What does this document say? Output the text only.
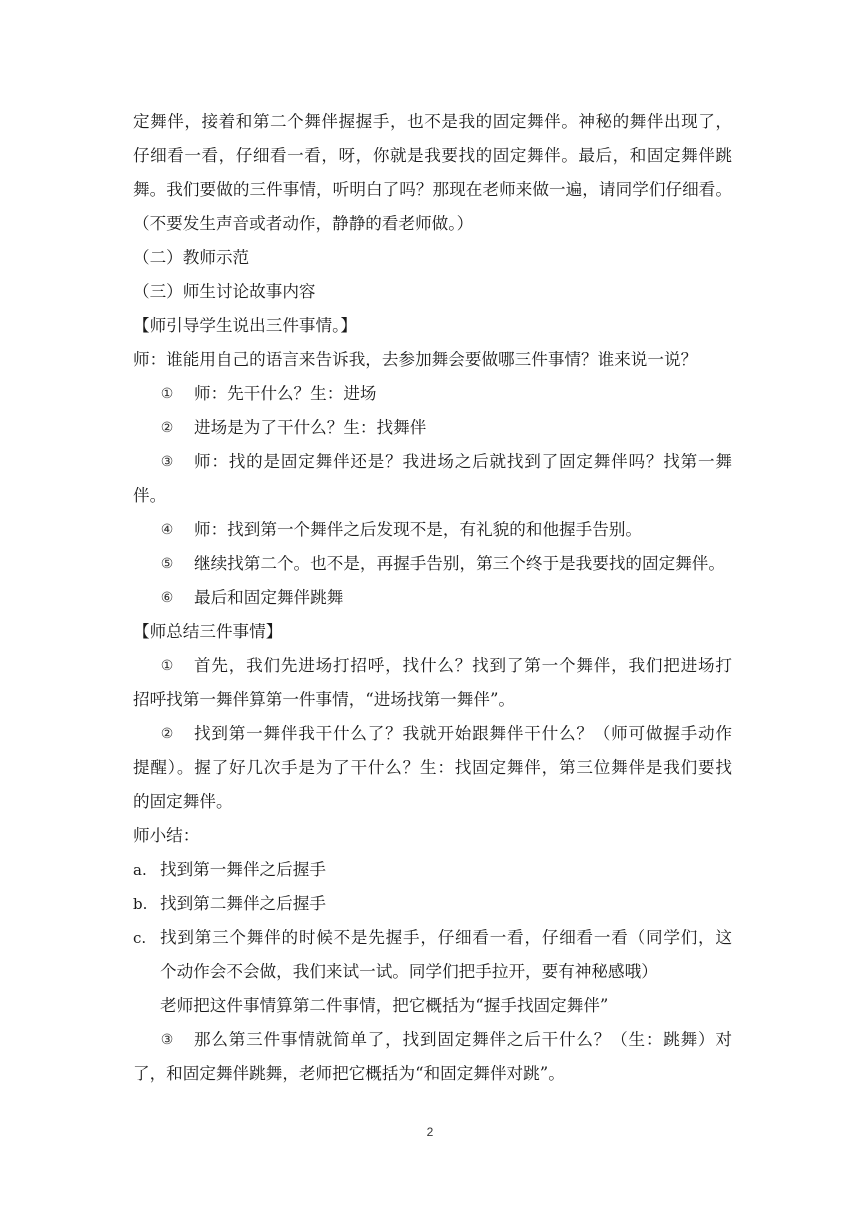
定舞伴，接着和第二个舞伴握握手，也不是我的固定舞伴。神秘的舞伴出现了，
仔细看一看，仔细看一看，呀，你就是我要找的固定舞伴。最后，和固定舞伴跳
舞。我们要做的三件事情，听明白了吗？那现在老师来做一遍，请同学们仔细看。
（不要发生声音或者动作，静静的看老师做。）
（二）教师示范
（三）师生讨论故事内容
【师引导学生说出三件事情。】
师：谁能用自己的语言来告诉我，去参加舞会要做哪三件事情？谁来说一说？
① 师：先干什么？生：进场
② 进场是为了干什么？生：找舞伴
③ 师：找的是固定舞伴还是？我进场之后就找到了固定舞伴吗？找第一舞
伴。
④ 师：找到第一个舞伴之后发现不是，有礼貌的和他握手告别。
⑤ 继续找第二个。也不是，再握手告别，第三个终于是我要找的固定舞伴。
⑥ 最后和固定舞伴跳舞
【师总结三件事情】
① 首先，我们先进场打招呼，找什么？找到了第一个舞伴，我们把进场打
招呼找第一舞伴算第一件事情，“进场找第一舞伴”。
② 找到第一舞伴我干什么了？我就开始跟舞伴干什么？（师可做握手动作
提醒）。握了好几次手是为了干什么？生：找固定舞伴，第三位舞伴是我们要找
的固定舞伴。
师小结：
a. 找到第一舞伴之后握手
b. 找到第二舞伴之后握手
c. 找到第三个舞伴的时候不是先握手，仔细看一看，仔细看一看（同学们，这
个动作会不会做，我们来试一试。同学们把手拉开，要有神秘感哦）
老师把这件事情算第二件事情，把它概括为“握手找固定舞伴”
③ 那么第三件事情就简单了，找到固定舞伴之后干什么？（生：跳舞）对
了，和固定舞伴跳舞，老师把它概括为“和固定舞伴对跳”。
2
